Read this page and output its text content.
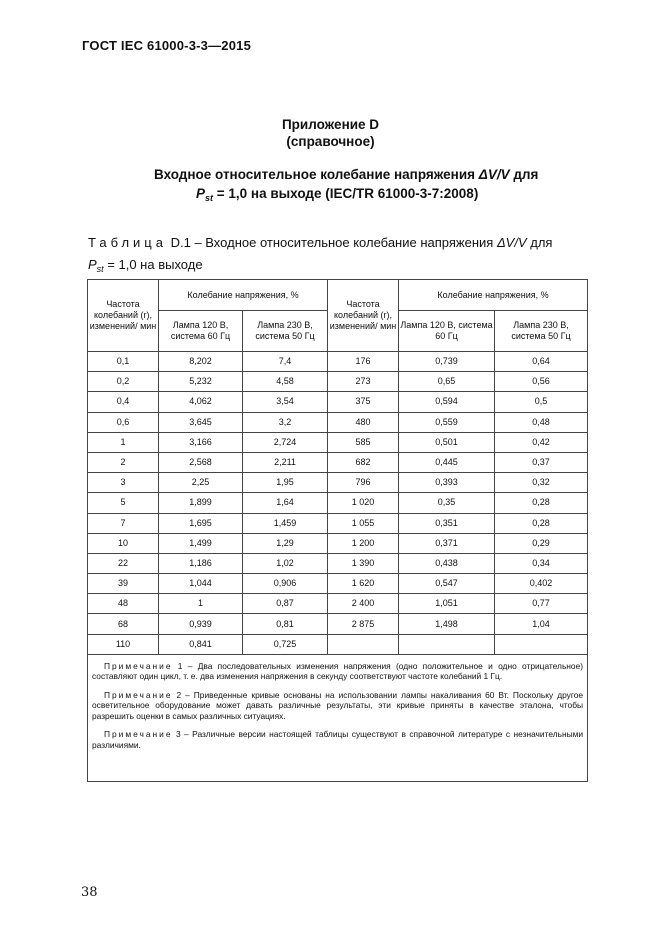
ГОСТ IEC 61000-3-3—2015
Приложение D
(справочное)
Входное относительное колебание напряжения ΔV/V для
$P_{st} = 1,0$ на выходе (IEC/TR 61000-3-7:2008)
Таблица D.1 – Входное относительное колебание напряжения ΔV/V для
$P_{st} = 1,0$ на выходе
Частота колебаний (r), изменений/ мин	Колебание напряжения, %		Частота колебаний (r), изменений/ мин	Колебание напряжения, %	
	Лампа 120 В, система 60 Гц	Лампа 230 В, система 50 Гц		Лампа 120 В, система 60 Гц	Лампа 230 В, система 50 Гц
0,1	8,202	7,4	176	0,739	0,64
0,2	5,232	4,58	273	0,65	0,56
0,4	4,062	3,54	375	0,594	0,5
0,6	3,645	3,2	480	0,559	0,48
1	3,166	2,724	585	0,501	0,42
2	2,568	2,211	682	0,445	0,37
3	2,25	1,95	796	0,393	0,32
5	1,899	1,64	1 020	0,35	0,28
7	1,695	1,459	1 055	0,351	0,28
10	1,499	1,29	1 200	0,371	0,29
22	1,186	1,02	1 390	0,438	0,34
39	1,044	0,906	1 620	0,547	0,402
48	1	0,87	2 400	1,051	0,77
68	0,939	0,81	2 875	1,498	1,04
110	0,841	0,725			

Примечание 1 – Два последовательных изменения напряжения (одно положительное и одно отрицательное) составляют один цикл, т. е. два изменения напряжения в секунду соответствуют частоте колебаний 1 Гц.
Примечание 2 – Приведенные кривые основаны на использовании лампы накаливания 60 Вт. Поскольку другое осветительное оборудование может давать различные результаты, эти кривые приняты в качестве эталона, чтобы разрешить оценки в самых различных ситуациях.
Примечание 3 – Различные версии настоящей таблицы существуют в справочной литературе с незначительными различиями.					
38
